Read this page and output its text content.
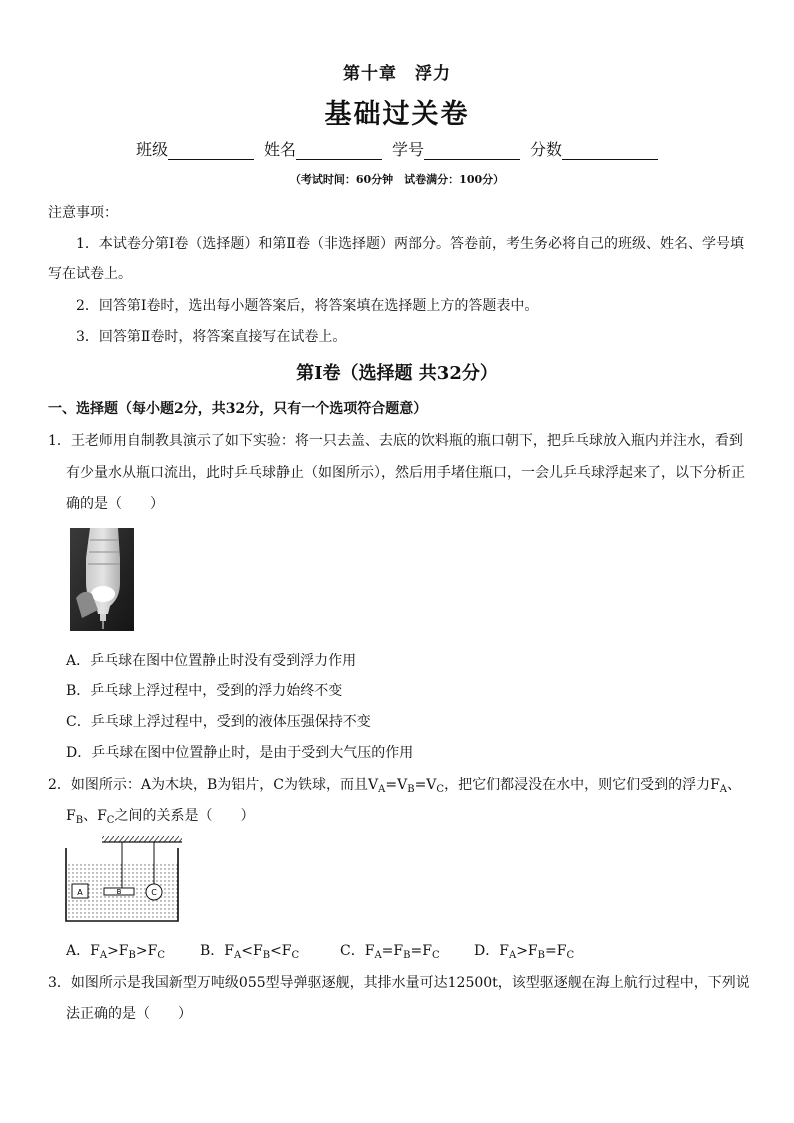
第十章　浮力
基础过关卷
班级	姓名	学号	分数
（考试时间：60分钟　试卷满分：100分）
注意事项：
1．本试卷分第Ⅰ卷（选择题）和第Ⅱ卷（非选择题）两部分。答卷前，考生务必将自己的班级、姓名、学号填
写在试卷上。
2．回答第Ⅰ卷时，选出每小题答案后，将答案填在选择题上方的答题表中。
3．回答第Ⅱ卷时，将答案直接写在试卷上。
第Ⅰ卷（选择题 共32分）
一、选择题（每小题2分，共32分，只有一个选项符合题意）
1．王老师用自制教具演示了如下实验：将一只去盖、去底的饮料瓶的瓶口朝下，把乒乓球放入瓶内并注水，看到
有少量水从瓶口流出，此时乒乓球静止（如图所示），然后用手堵住瓶口，一会儿乒乓球浮起来了，以下分析正
确的是（　　）
A．乒乓球在图中位置静止时没有受到浮力作用
B．乒乓球上浮过程中，受到的浮力始终不变
C．乒乓球上浮过程中，受到的液体压强保持不变
D．乒乓球在图中位置静止时，是由于受到大气压的作用
2．如图所示：A为木块，B为铝片，C为铁球，而且$V_A=V_B=V_C$，把它们都浸没在水中，则它们受到的浮力$F_A$、
$F_B$、$F_C$之间的关系是（　　）
A	B	C
A．$F_A>F_B>F_C$	B．$F_A<F_B<F_C$	C．$F_A=F_B=F_C$ D．$F_A>F_B=F_C$
3．如图所示是我国新型万吨级055型导弹驱逐舰，其排水量可达12500t，该型驱逐舰在海上航行过程中，下列说
法正确的是（　　）
